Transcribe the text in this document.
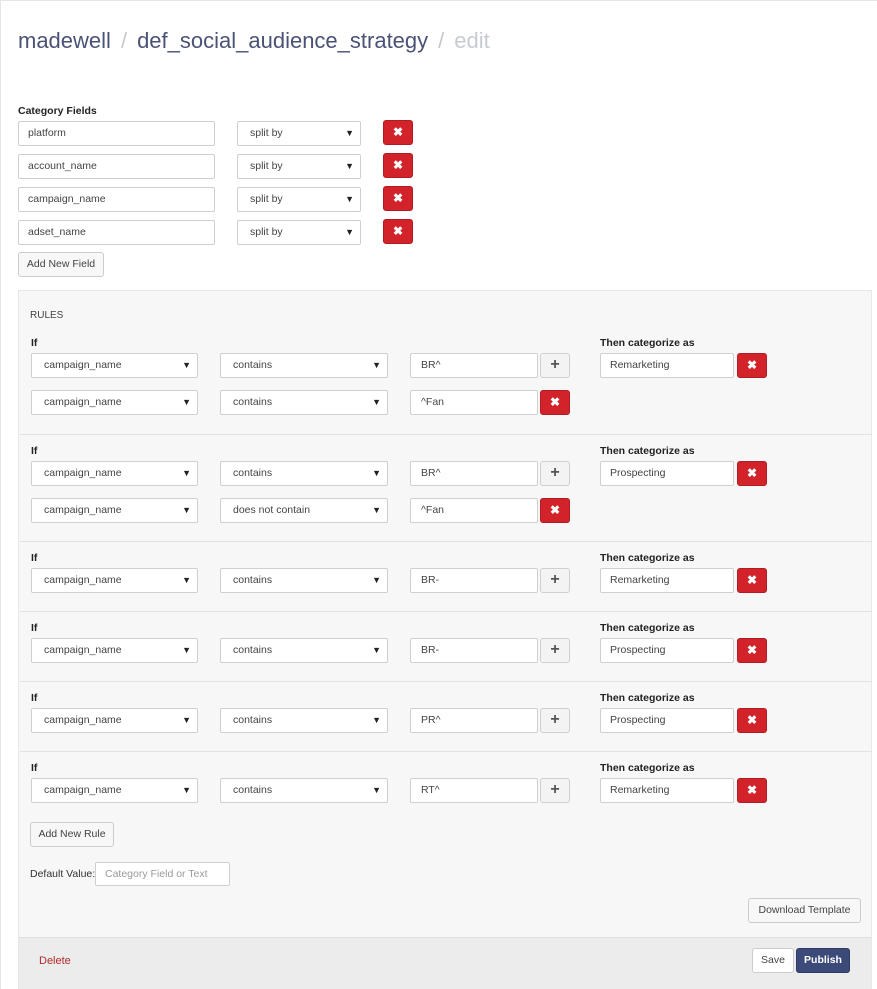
madewell / def_social_audience_strategy / edit
Category Fields
platform	split by	▼	✖
account_name	split by	▼	✖
campaign_name	split by	▼	✖
adset_name	split by	▼	✖
Add New Field
RULES
If	Then categorize as
campaign_name	▼	contains	▼	BR^	+	Remarketing	✖
campaign_name	▼	contains	▼	^Fan	✖
If	Then categorize as
campaign_name	▼	contains	▼	BR^	+	Prospecting	✖
campaign_name	▼	does not contain	▼	^Fan	✖
If	Then categorize as
campaign_name	▼	contains	▼	BR-	+	Remarketing	✖
If	Then categorize as
campaign_name	▼	contains	▼	BR-	+	Prospecting	✖
If	Then categorize as
campaign_name	▼	contains	▼	PR^	+	Prospecting	✖
If	Then categorize as
campaign_name	▼	contains	▼	RT^	+	Remarketing	✖
Add New Rule
Default Value: Category Field or Text
Download Template
Delete	Save	Publish
